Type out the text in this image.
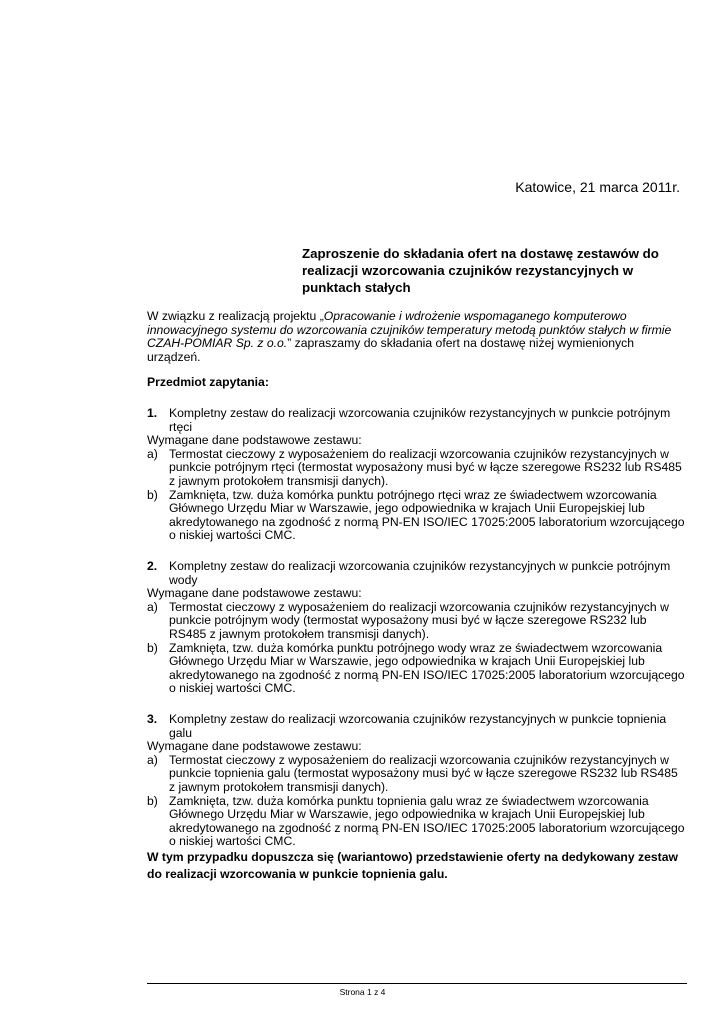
Katowice, 21 marca 2011r.
Zaproszenie do składania ofert na dostawę zestawów do realizacji wzorcowania czujników rezystancyjnych w punktach stałych
W związku z realizacją projektu „Opracowanie i wdrożenie wspomaganego komputerowo innowacyjnego systemu do wzorcowania czujników temperatury metodą punktów stałych w firmie CZAH-POMIAR Sp. z o.o.” zapraszamy do składania ofert na dostawę niżej wymienionych urządzeń.
Przedmiot zapytania:
1. Kompletny zestaw do realizacji wzorcowania czujników rezystancyjnych w punkcie potrójnym rtęci
Wymagane dane podstawowe zestawu:
a) Termostat cieczowy z wyposażeniem do realizacji wzorcowania czujników rezystancyjnych w punkcie potrójnym rtęci (termostat wyposażony musi być w łącze szeregowe RS232 lub RS485 z jawnym protokołem transmisji danych).
b) Zamknięta, tzw. duża komórka punktu potrójnego rtęci wraz ze świadectwem wzorcowania Głównego Urzędu Miar w Warszawie, jego odpowiednika w krajach Unii Europejskiej lub akredytowanego na zgodność z normą PN-EN ISO/IEC 17025:2005 laboratorium wzorcującego o niskiej wartości CMC.
2. Kompletny zestaw do realizacji wzorcowania czujników rezystancyjnych w punkcie potrójnym wody
Wymagane dane podstawowe zestawu:
a) Termostat cieczowy z wyposażeniem do realizacji wzorcowania czujników rezystancyjnych w punkcie potrójnym wody (termostat wyposażony musi być w łącze szeregowe RS232 lub RS485 z jawnym protokołem transmisji danych).
b) Zamknięta, tzw. duża komórka punktu potrójnego wody wraz ze świadectwem wzorcowania Głównego Urzędu Miar w Warszawie, jego odpowiednika w krajach Unii Europejskiej lub akredytowanego na zgodność z normą PN-EN ISO/IEC 17025:2005 laboratorium wzorcującego o niskiej wartości CMC.
3. Kompletny zestaw do realizacji wzorcowania czujników rezystancyjnych w punkcie topnienia galu
Wymagane dane podstawowe zestawu:
a) Termostat cieczowy z wyposażeniem do realizacji wzorcowania czujników rezystancyjnych w punkcie topnienia galu (termostat wyposażony musi być w łącze szeregowe RS232 lub RS485 z jawnym protokołem transmisji danych).
b) Zamknięta, tzw. duża komórka punktu topnienia galu wraz ze świadectwem wzorcowania Głównego Urzędu Miar w Warszawie, jego odpowiednika w krajach Unii Europejskiej lub akredytowanego na zgodność z normą PN-EN ISO/IEC 17025:2005 laboratorium wzorcującego o niskiej wartości CMC.
W tym przypadku dopuszcza się (wariantowo) przedstawienie oferty na dedykowany zestaw do realizacji wzorcowania w punkcie topnienia galu.
Strona 1 z 4
